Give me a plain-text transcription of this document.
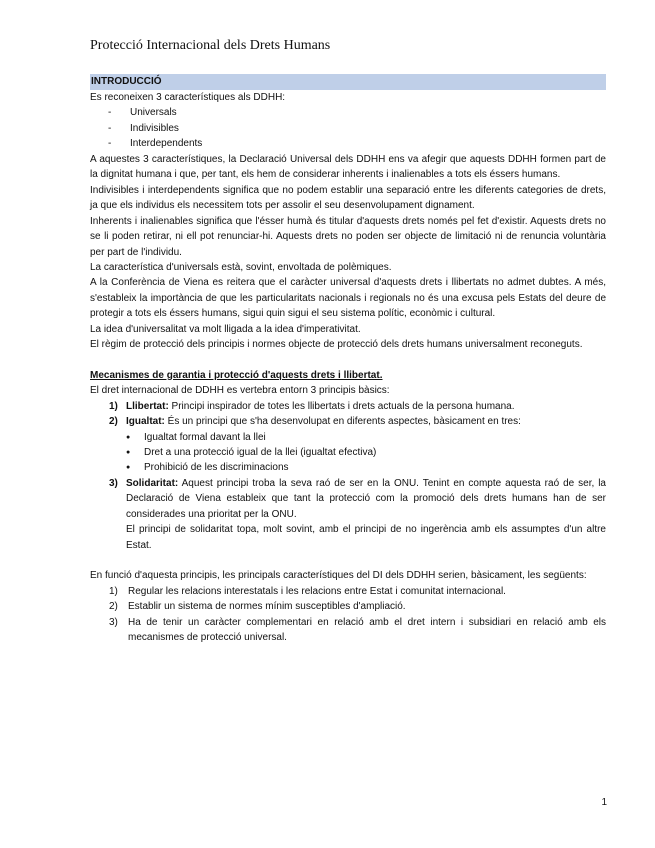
Protecció Internacional dels Drets Humans
INTRODUCCIÓ

Es reconeixen 3 característiques als DDHH:

- Universals
- Indivisibles
- Interdependents

A aquestes 3 característiques, la Declaració Universal dels DDHH ens va afegir que aquests DDHH formen part de la dignitat humana i que, per tant, els hem de considerar inherents i inalienables a tots els éssers humans.

Indivisibles i interdependents significa que no podem establir una separació entre les diferents categories de drets, ja que els individus els necessitem tots per assolir el seu desenvolupament dignament.

Inherents i inalienables significa que l'ésser humà és titular d'aquests drets només pel fet d'existir. Aquests drets no se li poden retirar, ni ell pot renunciar-hi. Aquests drets no poden ser objecte de limitació ni de renuncia voluntària per part de l'individu.

La característica d'universals està, sovint, envoltada de polèmiques.

A la Conferència de Viena es reitera que el caràcter universal d'aquests drets i llibertats no admet dubtes. A més, s'estableix la importància de que les particularitats nacionals i regionals no és una excusa pels Estats del deure de protegir a tots els éssers humans, sigui quin sigui el seu sistema polític, econòmic i cultural.

La idea d'universalitat va molt lligada a la idea d'imperativitat.

El règim de protecció dels principis i normes objecte de protecció dels drets humans universalment reconeguts.

Mecanismes de garantia i protecció d'aquests drets i llibertat.

El dret internacional de DDHH es vertebra entorn 3 principis bàsics:

1) Llibertat: Principi inspirador de totes les llibertats i drets actuals de la persona humana.
2) Igualtat: És un principi que s'ha desenvolupat en diferents aspectes, bàsicament en tres:
● Igualtat formal davant la llei
● Dret a una protecció igual de la llei (igualtat efectiva)
● Prohibició de les discriminacions
3) Solidaritat: Aquest principi troba la seva raó de ser en la ONU. Tenint en compte aquesta raó de ser, la Declaració de Viena estableix que tant la protecció com la promoció dels drets humans han de ser considerades una prioritat per la ONU.
El principi de solidaritat topa, molt sovint, amb el principi de no ingerència amb els assumptes d'un altre Estat.

En funció d'aquesta principis, les principals característiques del DI dels DDHH serien, bàsicament, les següents:

1) Regular les relacions interestatals i les relacions entre Estat i comunitat internacional.
2) Establir un sistema de normes mínim susceptibles d'ampliació.
3) Ha de tenir un caràcter complementari en relació amb el dret intern i subsidiari en relació amb els mecanismes de protecció universal.
1
